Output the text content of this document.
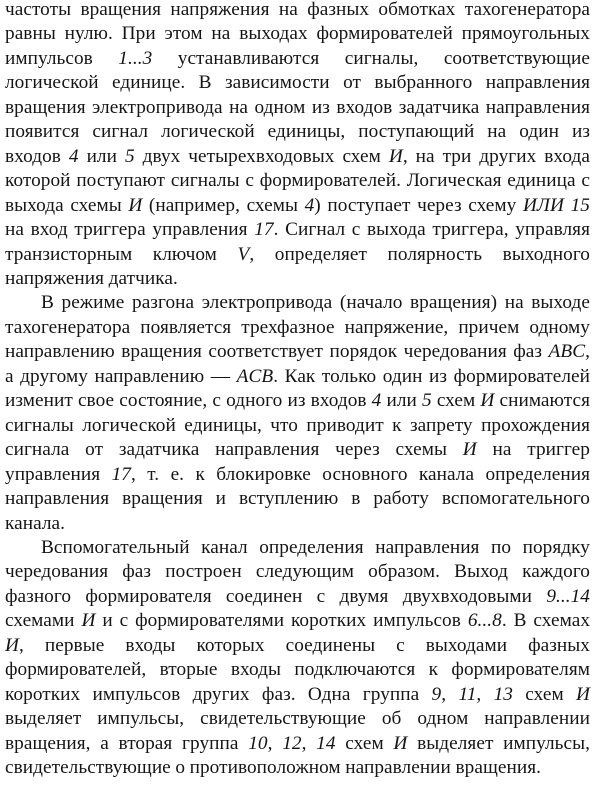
частоты вращения напряжения на фазных обмотках тахогенератора равны нулю. При этом на выходах формирователей прямоугольных импульсов 1...3 устанавливаются сигналы, соответствующие логической единице. В зависимости от выбранного направления вращения электропривода на одном из входов задатчика направления появится сигнал логической единицы, поступающий на один из входов 4 или 5 двух четырехвходовых схем И, на три других входа которой поступают сигналы с формирователей. Логическая единица с выхода схемы И (например, схемы 4) поступает через схему ИЛИ 15 на вход триггера управления 17. Сигнал с выхода триггера, управляя транзисторным ключом V, определяет полярность выходного напряжения датчика.

В режиме разгона электропривода (начало вращения) на выходе тахогенератора появляется трехфазное напряжение, причем одному направлению вращения соответствует порядок чередования фаз ABC, а другому направлению — ACB. Как только один из формирователей изменит свое состояние, с одного из входов 4 или 5 схем И снимаются сигналы логической единицы, что приводит к запрету прохождения сигнала от задатчика направления через схемы И на триггер управления 17, т. е. к блокировке основного канала определения направления вращения и вступлению в работу вспомогательного канала.

Вспомогательный канал определения направления по порядку чередования фаз построен следующим образом. Выход каждого фазного формирователя соединен с двумя двухвходовыми 9...14 схемами И и с формирователями коротких импульсов 6...8. В схемах И, первые входы которых соединены с выходами фазных формирователей, вторые входы подключаются к формирователям коротких импульсов других фаз. Одна группа 9, 11, 13 схем И выделяет импульсы, свидетельствующие об одном направлении вращения, а вторая группа 10, 12, 14 схем И выделяет импульсы, свидетельствующие о противоположном направлении вращения.
